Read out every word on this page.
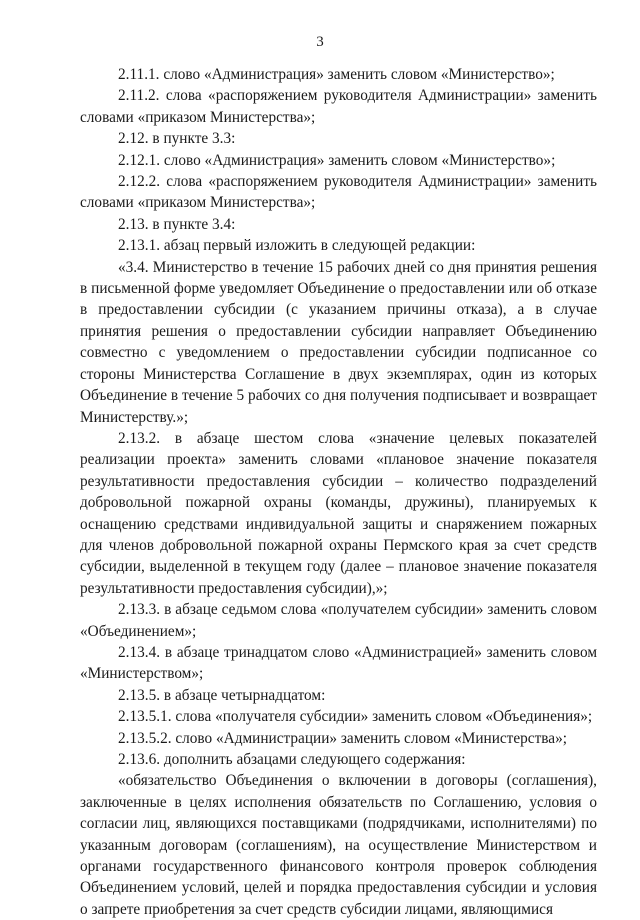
3

2.11.1. слово «Администрация» заменить словом «Министерство»;

2.11.2. слова «распоряжением руководителя Администрации» заменить словами «приказом Министерства»;

2.12. в пункте 3.3:

2.12.1. слово «Администрация» заменить словом «Министерство»;

2.12.2. слова «распоряжением руководителя Администрации» заменить словами «приказом Министерства»;

2.13. в пункте 3.4:

2.13.1. абзац первый изложить в следующей редакции:

«3.4. Министерство в течение 15 рабочих дней со дня принятия решения в письменной форме уведомляет Объединение о предоставлении или об отказе в предоставлении субсидии (с указанием причины отказа), а в случае принятия решения о предоставлении субсидии направляет Объединению совместно с уведомлением о предоставлении субсидии подписанное со стороны Министерства Соглашение в двух экземплярах, один из которых Объединение в течение 5 рабочих со дня получения подписывает и возвращает Министерству.»;

2.13.2. в абзаце шестом слова «значение целевых показателей реализации проекта» заменить словами «плановое значение показателя результативности предоставления субсидии – количество подразделений добровольной пожарной охраны (команды, дружины), планируемых к оснащению средствами индивидуальной защиты и снаряжением пожарных для членов добровольной пожарной охраны Пермского края за счет средств субсидии, выделенной в текущем году (далее – плановое значение показателя результативности предоставления субсидии),»;

2.13.3. в абзаце седьмом слова «получателем субсидии» заменить словом «Объединением»;

2.13.4. в абзаце тринадцатом слово «Администрацией» заменить словом «Министерством»;

2.13.5. в абзаце четырнадцатом:

2.13.5.1. слова «получателя субсидии» заменить словом «Объединения»;

2.13.5.2. слово «Администрации» заменить словом «Министерства»;

2.13.6. дополнить абзацами следующего содержания:

«обязательство Объединения о включении в договоры (соглашения), заключенные в целях исполнения обязательств по Соглашению, условия о согласии лиц, являющихся поставщиками (подрядчиками, исполнителями) по указанным договорам (соглашениям), на осуществление Министерством и органами государственного финансового контроля проверок соблюдения Объединением условий, целей и порядка предоставления субсидии и условия о запрете приобретения за счет средств субсидии лицами, являющимися
